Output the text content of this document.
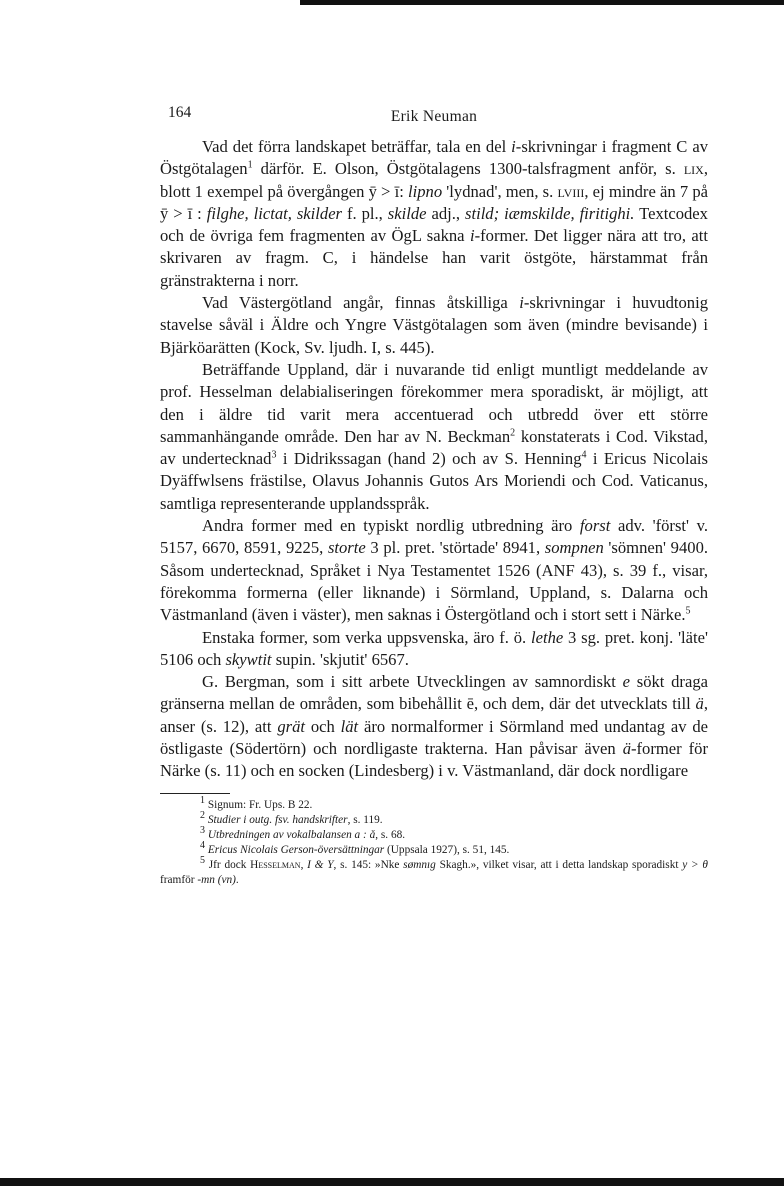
164	Erik Neuman

Vad det förra landskapet beträffar, tala en del i-skrivningar i fragment C av Östgötalagen$^1$ därför. E. Olson, Östgötalagens 1300-talsfragment anför, s. lix, blott 1 exempel på övergången ȳ > ī: lipno 'lydnad', men, s. lviii, ej mindre än 7 på ȳ > ī : filghe, lictat, skilder f. pl., skilde adj., stild; iæmskilde, firitighi. Textcodex och de övriga fem fragmenten av ÖgL sakna i-former. Det ligger nära att tro, att skrivaren av fragm. C, i händelse han varit östgöte, härstammat från gränstrakterna i norr.

Vad Västergötland angår, finnas åtskilliga i-skrivningar i huvudtonig stavelse såväl i Äldre och Yngre Västgötalagen som även (mindre bevisande) i Bjärköarätten (Kock, Sv. ljudh. I, s. 445).

Beträffande Uppland, där i nuvarande tid enligt muntligt meddelande av prof. Hesselman delabialiseringen förekommer mera sporadiskt, är möjligt, att den i äldre tid varit mera accentuerad och utbredd över ett större sammanhängande område. Den har av N. Beckman$^2$ konstaterats i Cod. Vikstad, av undertecknad$^3$ i Didrikssagan (hand 2) och av S. Henning$^4$ i Ericus Nicolais Dyäffwlsens frästilse, Olavus Johannis Gutos Ars Moriendi och Cod. Vaticanus, samtliga representerande upplandsspråk.

Andra former med en typiskt nordlig utbredning äro forst adv. 'först' v. 5157, 6670, 8591, 9225, storte 3 pl. pret. 'störtade' 8941, sompnen 'sömnen' 9400. Såsom undertecknad, Språket i Nya Testamentet 1526 (ANF 43), s. 39 f., visar, förekomma formerna (eller liknande) i Sörmland, Uppland, s. Dalarna och Västmanland (även i väster), men saknas i Östergötland och i stort sett i Närke.$^5$

Enstaka former, som verka uppsvenska, äro f. ö. lethe 3 sg. pret. konj. 'läte' 5106 och skywtit supin. 'skjutit' 6567.

G. Bergman, som i sitt arbete Utvecklingen av samnordiskt e sökt draga gränserna mellan de områden, som bibehållit ē, och dem, där det utvecklats till ä, anser (s. 12), att grät och lät äro normalformer i Sörmland med undantag av de östligaste (Södertörn) och nordligaste trakterna. Han påvisar även ä-former för Närke (s. 11) och en socken (Lindesberg) i v. Västmanland, där dock nordligare

$^1$ Signum: Fr. Ups. B 22.

$^2$ Studier i outg. fsv. handskrifter, s. 119.

$^3$ Utbredningen av vokalbalansen a : ǎ, s. 68.

$^4$ Ericus Nicolais Gerson-översättningar (Uppsala 1927), s. 51, 145.

$^5$ Jfr dock Hesselman, I & Y, s. 145: »Nke sømnıg Skagh.», vilket visar, att i detta landskap sporadiskt y > θ framför -mn (vn).
